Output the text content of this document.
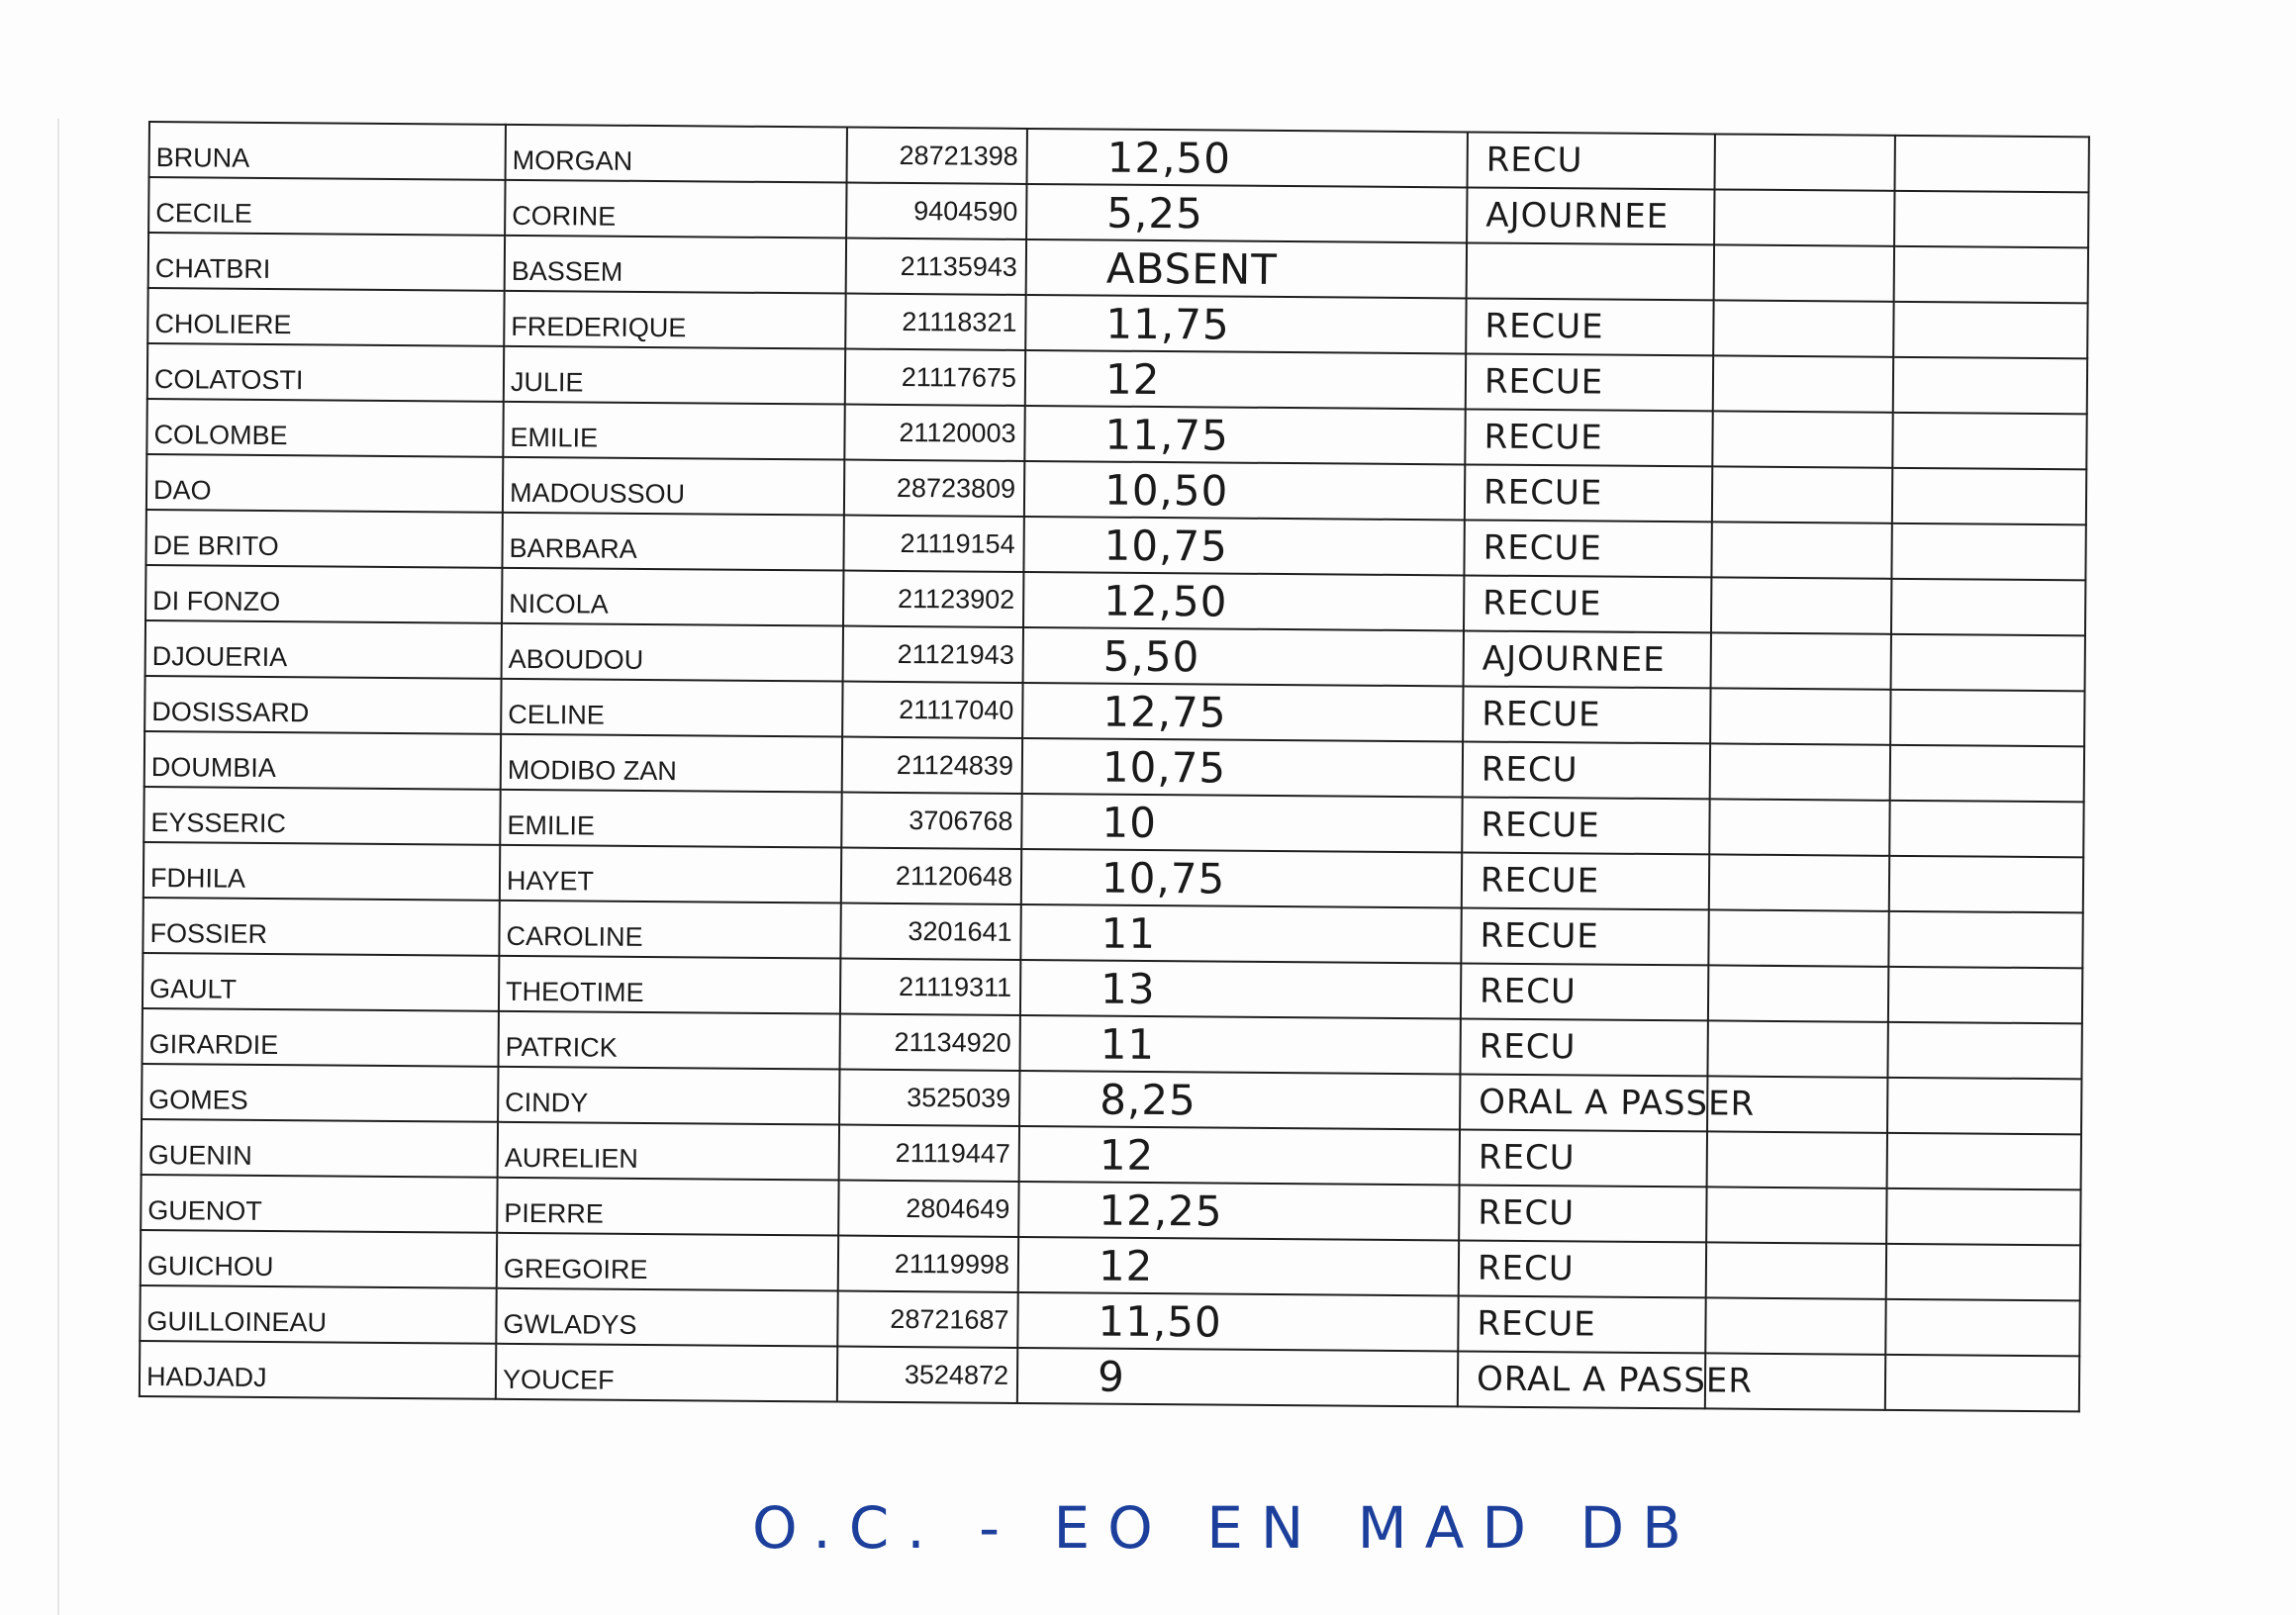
BRUNA	MORGAN	28721398	12,50	RECU		
CECILE	CORINE	9404590	5,25	AJOURNEE		
CHATBRI	BASSEM	21135943	ABSENT			
CHOLIERE	FREDERIQUE	21118321	11,75	RECUE		
COLATOSTI	JULIE	21117675	12	RECUE		
COLOMBE	EMILIE	21120003	11,75	RECUE		
DAO	MADOUSSOU	28723809	10,50	RECUE		
DE BRITO	BARBARA	21119154	10,75	RECUE		
DI FONZO	NICOLA	21123902	12,50	RECUE		
DJOUERIA	ABOUDOU	21121943	5,50	AJOURNEE		
DOSISSARD	CELINE	21117040	12,75	RECUE		
DOUMBIA	MODIBO ZAN	21124839	10,75	RECU		
EYSSERIC	EMILIE	3706768	10	RECUE		
FDHILA	HAYET	21120648	10,75	RECUE		
FOSSIER	CAROLINE	3201641	11	RECUE		
GAULT	THEOTIME	21119311	13	RECU		
GIRARDIE	PATRICK	21134920	11	RECU		
GOMES	CINDY	3525039	8,25	ORAL A PASSER		
GUENIN	AURELIEN	21119447	12	RECU		
GUENOT	PIERRE	2804649	12,25	RECU		
GUICHOU	GREGOIRE	21119998	12	RECU		
GUILLOINEAU	GWLADYS	28721687	11,50	RECUE		
HADJADJ	YOUCEF	3524872	9	ORAL A PASSER		
O.C. - EO EN MAD DB
